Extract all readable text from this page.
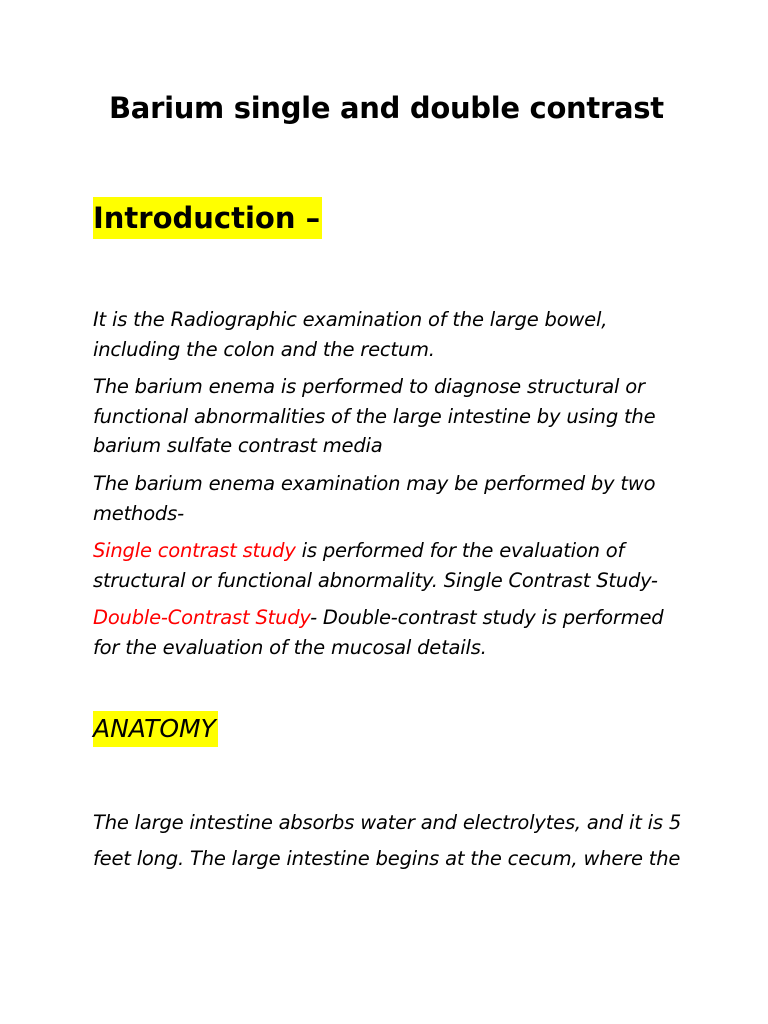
Barium single and double contrast
Introduction –

It is the Radiographic examination of the large bowel, including the colon and the rectum.

The barium enema is performed to diagnose structural or functional abnormalities of the large intestine by using the barium sulfate contrast media

The barium enema examination may be performed by two methods-

Single contrast study is performed for the evaluation of structural or functional abnormality. Single Contrast Study-

Double-Contrast Study- Double-contrast study is performed for the evaluation of the mucosal details.

ANATOMY

The large intestine absorbs water and electrolytes, and it is 5 feet long. The large intestine begins at the cecum, where the
